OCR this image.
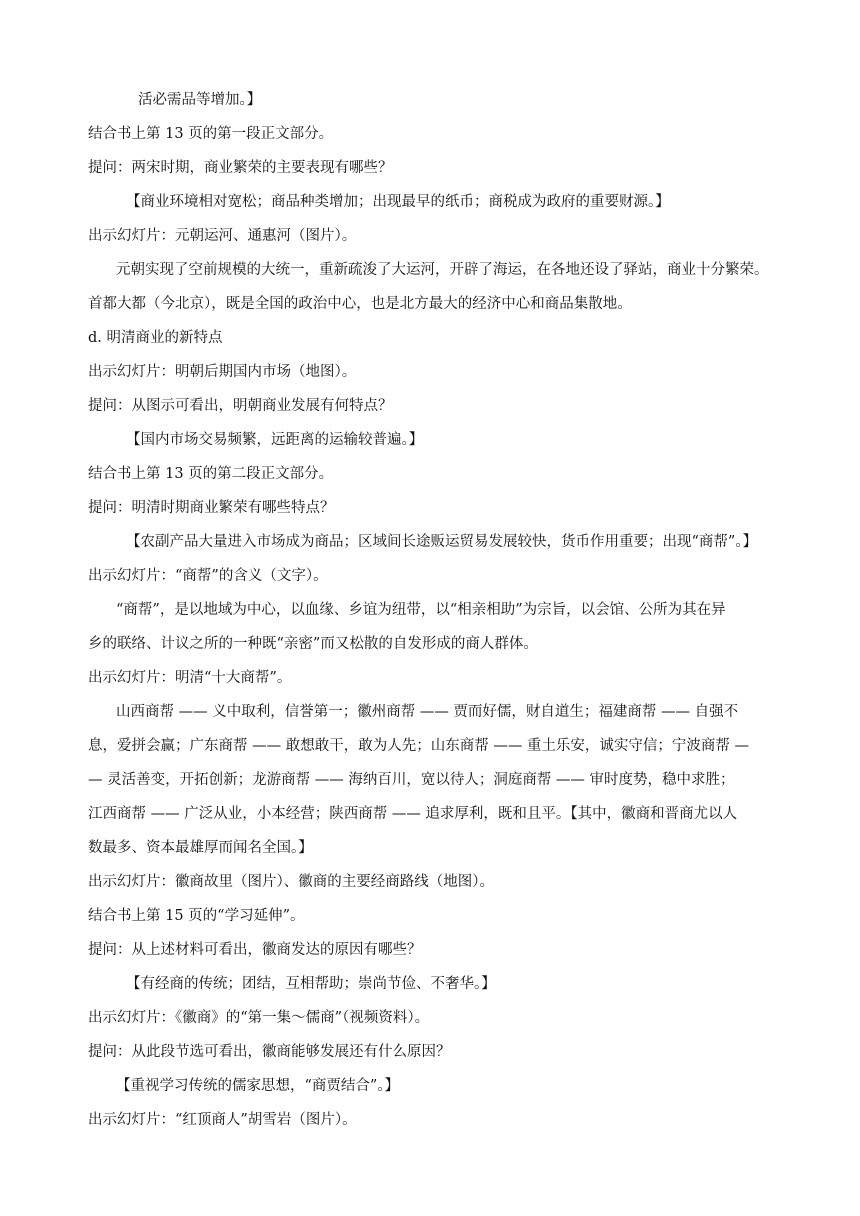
活必需品等增加。】
结合书上第 13 页的第一段正文部分。
提问：两宋时期，商业繁荣的主要表现有哪些？
【商业环境相对宽松；商品种类增加；出现最早的纸币；商税成为政府的重要财源。】
出示幻灯片：元朝运河、通惠河（图片）。
元朝实现了空前规模的大统一，重新疏浚了大运河，开辟了海运，在各地还设了驿站，商业十分繁荣。
首都大都（今北京），既是全国的政治中心，也是北方最大的经济中心和商品集散地。
d. 明清商业的新特点
出示幻灯片：明朝后期国内市场（地图）。
提问：从图示可看出，明朝商业发展有何特点？
【国内市场交易频繁，远距离的运输较普遍。】
结合书上第 13 页的第二段正文部分。
提问：明清时期商业繁荣有哪些特点？
【农副产品大量进入市场成为商品；区域间长途贩运贸易发展较快，货币作用重要；出现“商帮”。】
出示幻灯片：“商帮”的含义（文字）。
“商帮”，是以地域为中心，以血缘、乡谊为纽带，以“相亲相助”为宗旨，以会馆、公所为其在异
乡的联络、计议之所的一种既“亲密”而又松散的自发形成的商人群体。
出示幻灯片：明清“十大商帮”。
山西商帮 —— 义中取利，信誉第一；徽州商帮 —— 贾而好儒，财自道生；福建商帮 —— 自强不
息，爱拼会赢；广东商帮 —— 敢想敢干，敢为人先；山东商帮 —— 重土乐安，诚实守信；宁波商帮 —
— 灵活善变，开拓创新；龙游商帮 —— 海纳百川，宽以待人；洞庭商帮 —— 审时度势，稳中求胜；
江西商帮 —— 广泛从业，小本经营；陕西商帮 —— 追求厚利，既和且平。【其中，徽商和晋商尤以人
数最多、资本最雄厚而闻名全国。】
出示幻灯片：徽商故里（图片）、徽商的主要经商路线（地图）。
结合书上第 15 页的“学习延伸”。
提问：从上述材料可看出，徽商发达的原因有哪些？
【有经商的传统；团结，互相帮助；崇尚节俭、不奢华。】
出示幻灯片：《徽商》的“第一集～儒商”（视频资料）。
提问：从此段节选可看出，徽商能够发展还有什么原因？
【重视学习传统的儒家思想，“商贾结合”。】
出示幻灯片：“红顶商人”胡雪岩（图片）。
